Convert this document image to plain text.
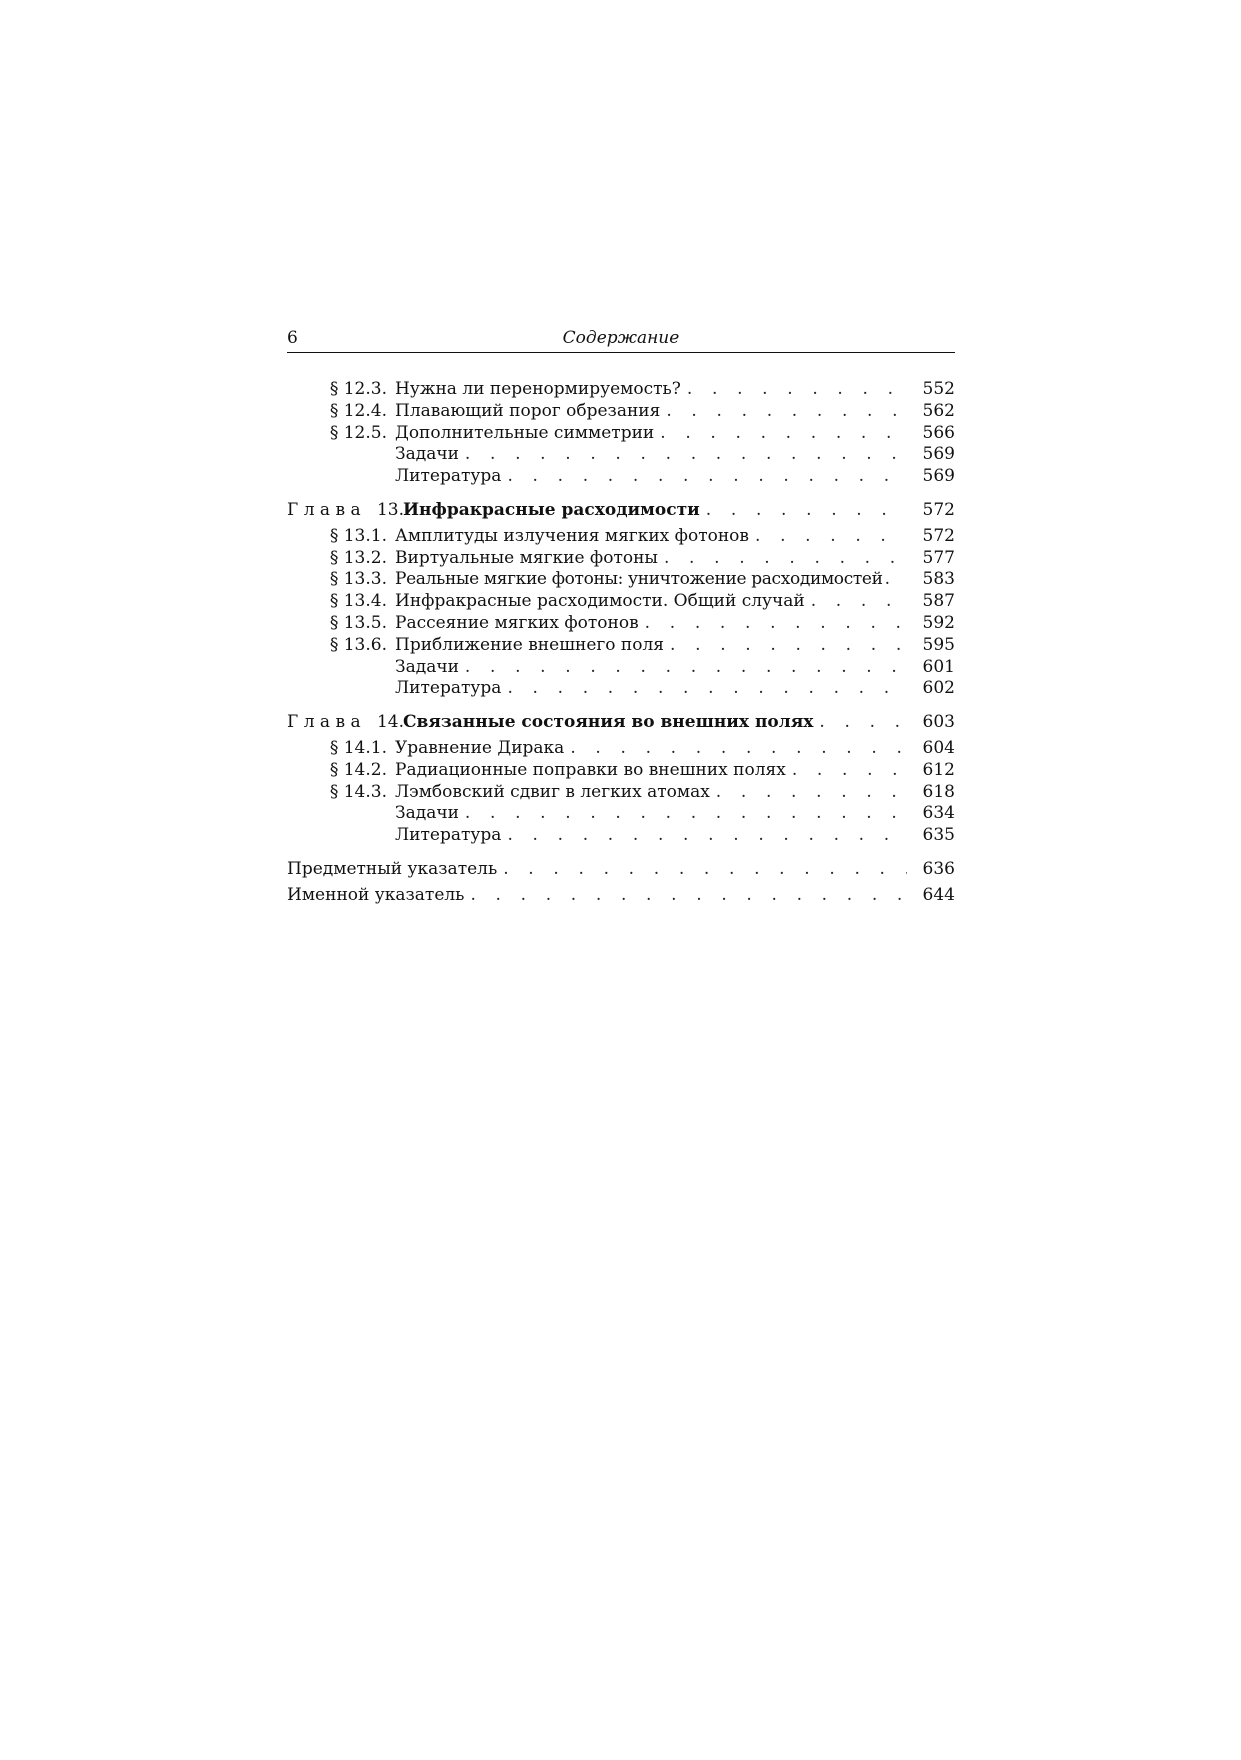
6	Содержание
§ 12.3. Нужна ли перенормируемость? . . .	552
§ 12.4. Плавающий порог обрезания . . .	562
§ 12.5. Дополнительные симметрии . . .	566
Задачи . . .	569
Литература . . .	569
Глава 13.
Инфракрасные расходимости . . .	572
§ 13.1. Амплитуды излучения мягких фотонов . . .	572
§ 13.2. Виртуальные мягкие фотоны . . .	577
§ 13.3. Реальные мягкие фотоны: уничтожение расходимостей . . .	583
§ 13.4. Инфракрасные расходимости. Общий случай . . .	587
§ 13.5. Рассеяние мягких фотонов . . .	592
§ 13.6. Приближение внешнего поля . . .	595
Задачи . . .	601
Литература . . .	602
Глава 14.
Связанные состояния во внешних полях . . .	603
§ 14.1. Уравнение Дирака . . .	604
§ 14.2. Радиационные поправки во внешних полях . . .	612
§ 14.3. Лэмбовский сдвиг в легких атомах . . .	618
Задачи . . .	634
Литература . . .	635
Предметный указатель . . .	636
Именной указатель . . .	644
